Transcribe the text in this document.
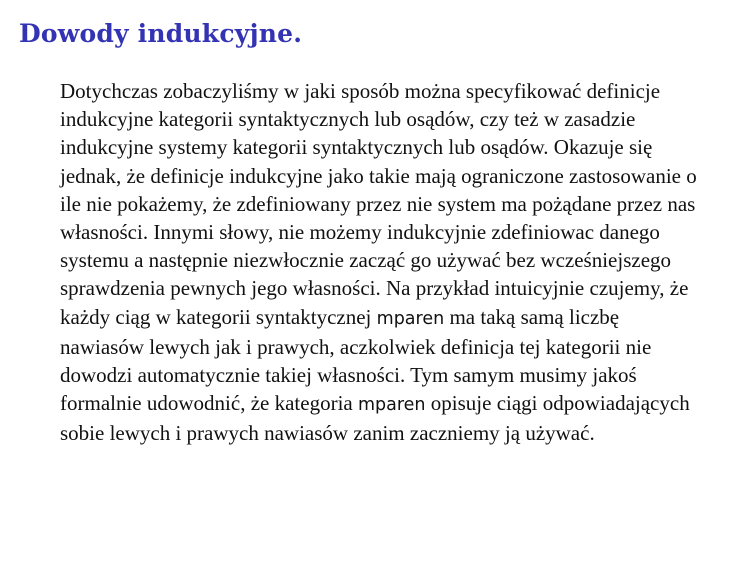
Dowody indukcyjne.

Dotychczas zobaczyliśmy w jaki sposób można specyfikować definicje indukcyjne kategorii syntaktycznych lub osądów, czy też w zasadzie indukcyjne systemy kategorii syntaktycznych lub osądów. Okazuje się jednak, że definicje indukcyjne jako takie mają ograniczone zastosowanie o ile nie pokażemy, że zdefiniowany przez nie system ma pożądane przez nas własności. Innymi słowy, nie możemy indukcyjnie zdefiniowac danego systemu a następnie niezwłocznie zacząć go używać bez wcześniejszego sprawdzenia pewnych jego własności. Na przykład intuicyjnie czujemy, że każdy ciąg w kategorii syntaktycznej mparen ma taką samą liczbę nawiasów lewych jak i prawych, aczkolwiek definicja tej kategorii nie dowodzi automatycznie takiej własności. Tym samym musimy jakoś formalnie udowodnić, że kategoria mparen opisuje ciągi odpowiadających sobie lewych i prawych nawiasów zanim zaczniemy ją używać.
